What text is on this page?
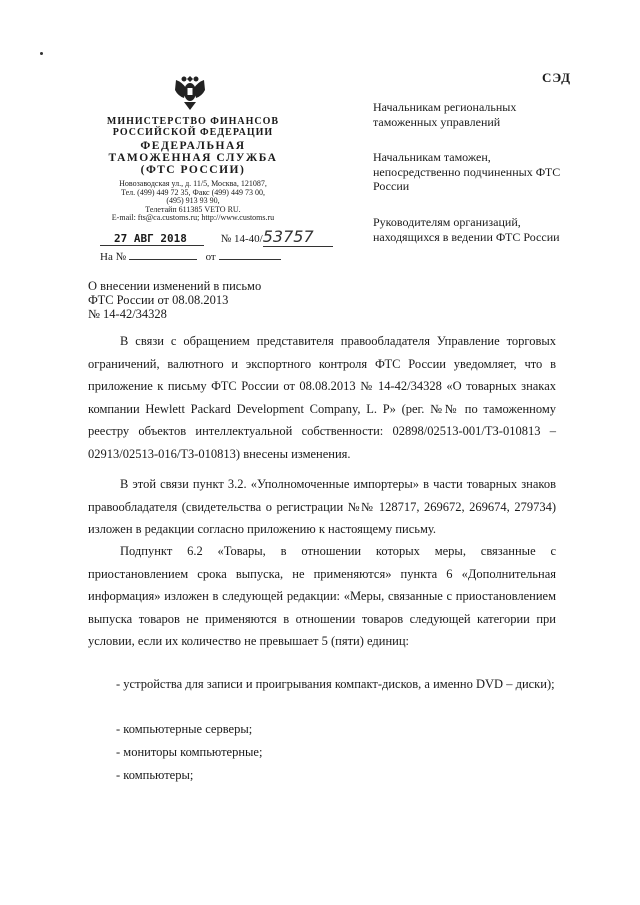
СЭД
МИНИСТЕРСТВО ФИНАНСОВ
РОССИЙСКОЙ ФЕДЕРАЦИИ
ФЕДЕРАЛЬНАЯ
ТАМОЖЕННАЯ СЛУЖБА
(ФТС РОССИИ)
Новозаводская ул., д. 11/5, Москва, 121087,
Тел. (499) 449 72 35, Факс (499) 449 73 00,
(495) 913 93 90,
Телетайп 611385 VETO RU.
E-mail: fts@ca.customs.ru; http://www.customs.ru
27 АВГ 2018	№ 14-40/53757
На №	от
Начальникам региональных таможенных управлений
Начальникам таможен, непосредственно подчиненных ФТС России
Руководителям организаций, находящихся в ведении ФТС России
О внесении изменений в письмо
ФТС России от 08.08.2013
№ 14-42/34328

В связи с обращением представителя правообладателя Управление торговых ограничений, валютного и экспортного контроля ФТС России уведомляет, что в приложение к письму ФТС России от 08.08.2013 № 14-42/34328 «О товарных знаках компании Hewlett Packard Development Company, L. P» (рег. №№ по таможенному реестру объектов интеллектуальной собственности: 02898/02513-001/ТЗ-010813 – 02913/02513-016/ТЗ-010813) внесены изменения.

В этой связи пункт 3.2. «Уполномоченные импортеры» в части товарных знаков правообладателя (свидетельства о регистрации №№ 128717, 269672, 269674, 279734) изложен в редакции согласно приложению к настоящему письму.

Подпункт 6.2 «Товары, в отношении которых меры, связанные с приостановлением срока выпуска, не применяются» пункта 6 «Дополнительная информация» изложен в следующей редакции: «Меры, связанные с приостановлением выпуска товаров не применяются в отношении товаров следующей категории при условии, если их количество не превышает 5 (пяти) единиц:

- устройства для записи и проигрывания компакт-дисков, а именно DVD – диски);
- компьютерные серверы;
- мониторы компьютерные;
- компьютеры;
